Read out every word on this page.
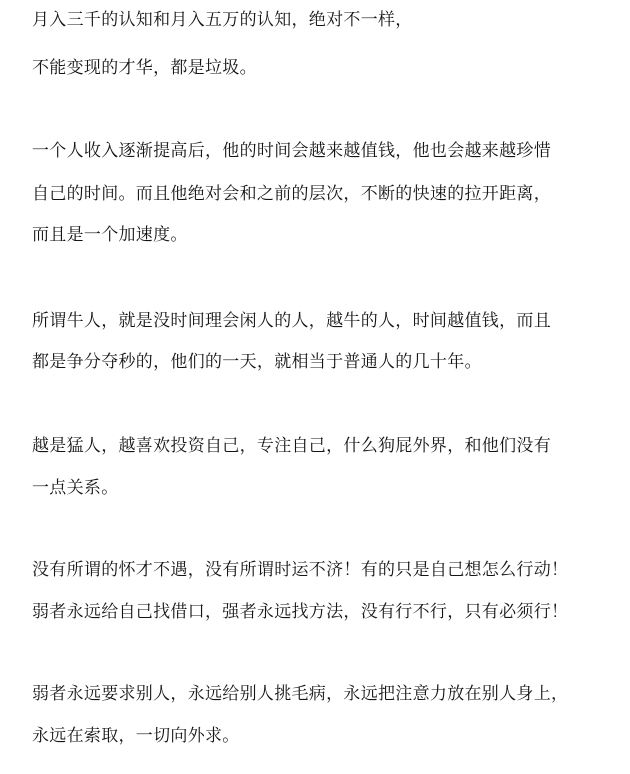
月入三千的认知和月入五万的认知，绝对不一样，
不能变现的才华，都是垃圾。
一个人收入逐渐提高后，他的时间会越来越值钱，他也会越来越珍惜
自己的时间。而且他绝对会和之前的层次，不断的快速的拉开距离，
而且是一个加速度。
所谓牛人，就是没时间理会闲人的人，越牛的人，时间越值钱，而且
都是争分夺秒的，他们的一天，就相当于普通人的几十年。
越是猛人，越喜欢投资自己，专注自己，什么狗屁外界，和他们没有
一点关系。
没有所谓的怀才不遇，没有所谓时运不济！有的只是自己想怎么行动！
弱者永远给自己找借口，强者永远找方法，没有行不行，只有必须行！
弱者永远要求别人，永远给别人挑毛病，永远把注意力放在别人身上，
永远在索取，一切向外求。
